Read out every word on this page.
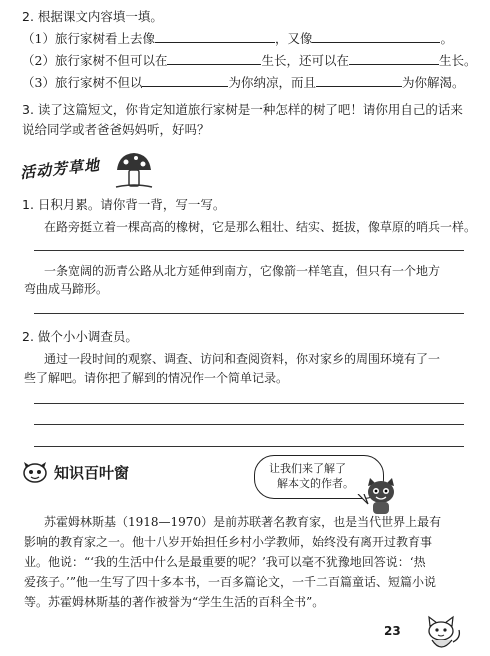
2. 根据课文内容填一填。
（1）旅行家树看上去像	，又像	。
（2）旅行家树不但可以在	生长，还可以在	生长。
（3）旅行家树不但以	为你纳凉，而且	为你解渴。
3. 读了这篇短文，你肯定知道旅行家树是一种怎样的树了吧！请你用自己的话来
说给同学或者爸爸妈妈听，好吗？
活动芳草地
1. 日积月累。请你背一背，写一写。
在路旁挺立着一棵高高的橡树，它是那么粗壮、结实、挺拔，像草原的哨兵一样。
一条宽阔的沥青公路从北方延伸到南方，它像箭一样笔直，但只有一个地方
弯曲成马蹄形。
2. 做个小小调查员。
通过一段时间的观察、调查、访问和查阅资料，你对家乡的周围环境有了一
些了解吧。请你把了解到的情况作一个简单记录。
知识百叶窗	让我们来了解了
解本文的作者。
苏霍姆林斯基（1918—1970）是前苏联著名教育家，也是当代世界上最有
影响的教育家之一。他十八岁开始担任乡村小学教师，始终没有离开过教育事
业。他说：“‘我的生活中什么是最重要的呢？’我可以毫不犹豫地回答说：‘热
爱孩子。’”他一生写了四十多本书，一百多篇论文，一千二百篇童话、短篇小说
等。苏霍姆林斯基的著作被誉为“学生生活的百科全书”。
23
